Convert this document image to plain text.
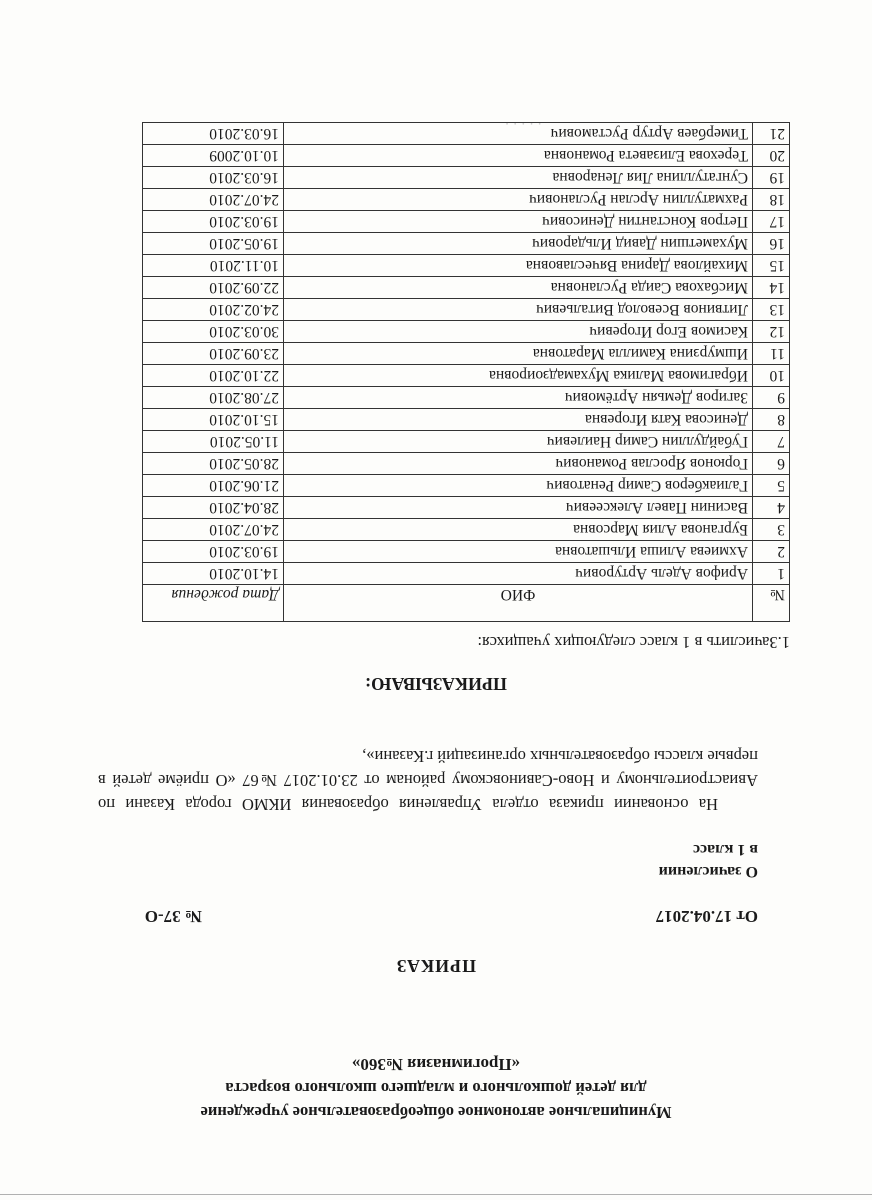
Муниципальное автономное общеобразовательное учреждение
для детей дошкольного и младшего школьного возраста
«Прогимназия №360»
ПРИКАЗ
От 17.04.2017
№ 37-О
О зачислении
в 1 класс
На основании приказа отдела Управления образования ИКМО города Казани по Авиастроительному и Ново-Савиновскому районам от 23.01.2017 №67 «О приёме детей в первые классы образовательных организаций г.Казани»,
ПРИКАЗЫВАЮ:
1.Зачислить в 1 класс следующих учащихся:
№	ФИО	Дата рождения
1	Арифов Адель Артурович	14.10.2010
2	Ахмиева Алиша Ильшатовна	19.03.2010
3	Бурганова Алия Марсовна	24.07.2010
4	Васинин Павел Алексеевич	28.04.2010
5	Галиакберов Самир Ренатович	21.06.2010
6	Горюнов Ярослав Романович	28.05.2010
7	Губайдуллин Самир Наилевич	11.05.2010
8	Денисова Катя Игоревна	15.10.2010
9	Загиров Демьян Артёмович	27.08.2010
10	Ибрагимова Малика Мухамадзоировна	22.10.2010
11	Ишмурзина Камилла Маратовна	23.09.2010
12	Касимов Егор Игоревич	30.03.2010
13	Литвинов Всеволод Витальевич	24.02.2010
14	Мисбахова Саида Руслановна	22.09.2010
15	Михайлова Дарина Вячеславовна	10.11.2010
16	Мухаметшин Давид Ильдарович	19.05.2010
17	Петров Константин Денисович	19.03.2010
18	Рахматуллин Арслан Русланович	24.07.2010
19	Сунгатуллина Лия Ленаровна	16.03.2010
20	Терехова Елизавета Романовна	10.10.2009
21	Тимербаев Артур Рустамович	16.03.2010
· · · · ·
